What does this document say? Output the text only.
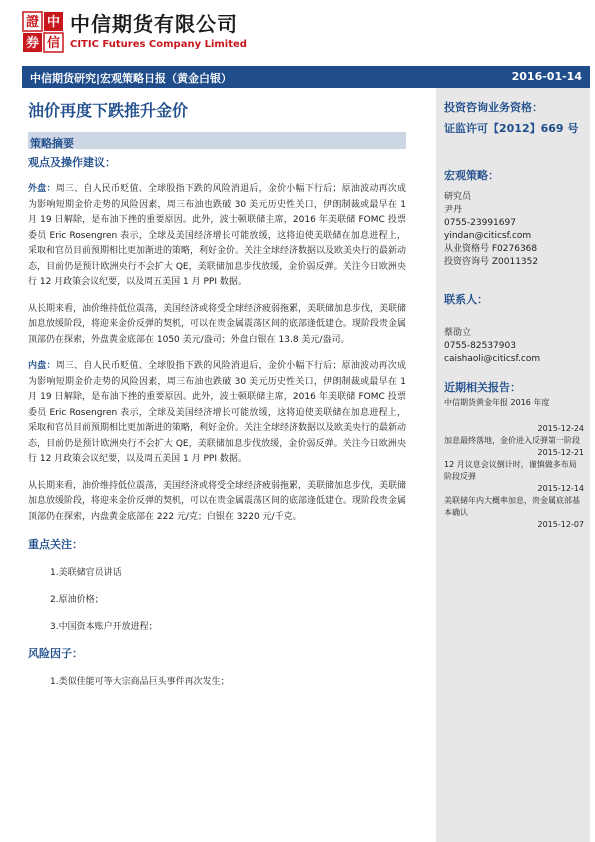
證 中
券 信
中信期货有限公司
CITIC Futures Company Limited
中信期货研究|宏观策略日报（黄金白银）	2016-01-14
油价再度下跌推升金价
策略摘要
观点及操作建议：

外盘：周三、自人民币贬值、全球股指下跌的风险消退后，金价小幅下行后；原油波动再次成为影响短期金价走势的风险因素，周三布油也跌破 30 美元历史性关口，伊朗制裁或最早在 1 月 19 日解除，是布油下挫的重要原因。此外，波士顿联储主席，2016 年美联储 FOMC 投票委员 Eric Rosengren 表示，全球及美国经济增长可能放缓，这将迫使美联储在加息进程上，采取和官员目前预期相比更加渐进的策略，利好金价。关注全球经济数据以及欧美央行的最新动态，目前仍是预计欧洲央行不会扩大 QE，美联储加息步伐放缓，金价弱反弹。关注今日欧洲央行 12 月政策会议纪要，以及周五美国 1 月 PPI 数据。

从长期来看，油价维持低位震荡，美国经济或将受全球经济疲弱拖累，美联储加息步伐，美联储加息放缓阶段，将迎来金价反弹的契机，可以在贵金属震荡区间的底部逢低建仓。现阶段贵金属顶部仍在探索，外盘黄金底部在 1050 美元/盎司；外盘白银在 13.8 美元/盎司。

内盘：周三、自人民币贬值、全球股指下跌的风险消退后，金价小幅下行后；原油波动再次成为影响短期金价走势的风险因素，周三布油也跌破 30 美元历史性关口，伊朗制裁或最早在 1 月 19 日解除，是布油下挫的重要原因。此外，波士顿联储主席，2016 年美联储 FOMC 投票委员 Eric Rosengren 表示，全球及美国经济增长可能放缓，这将迫使美联储在加息进程上，采取和官员目前预期相比更加渐进的策略，利好金价。关注全球经济数据以及欧美央行的最新动态，目前仍是预计欧洲央行不会扩大 QE，美联储加息步伐放缓，金价弱反弹。关注今日欧洲央行 12 月政策会议纪要，以及周五美国 1 月 PPI 数据。

从长期来看，油价维持低位震荡，美国经济或将受全球经济疲弱拖累，美联储加息步伐，美联储加息放缓阶段，将迎来金价反弹的契机，可以在贵金属震荡区间的底部逢低建仓。现阶段贵金属顶部仍在探索，内盘黄金底部在 222 元/克；白银在 3220 元/千克。

重点关注：
1.美联储官员讲话
2.原油价格；
3.中国资本账户开放进程；
风险因子：
1.类似佳能可等大宗商品巨头事件再次发生；
投资咨询业务资格：
证监许可【2012】669 号
宏观策略：
研究员
尹丹
0755-23991697
yindan@citicsf.com
从业资格号 F0276368
投资咨询号 Z0011352
联系人：
蔡劭立
0755-82537903
caishaoli@citicsf.com
近期相关报告：
中信期货黄金年报 2016 年度
2015-12-24
加息最终落地，金价进入反弹第一阶段
2015-12-21
12 月议息会议倒计时，谨慎做多布局阶段反弹
2015-12-14
美联储年内大概率加息，贵金属底部基本确认
2015-12-07
